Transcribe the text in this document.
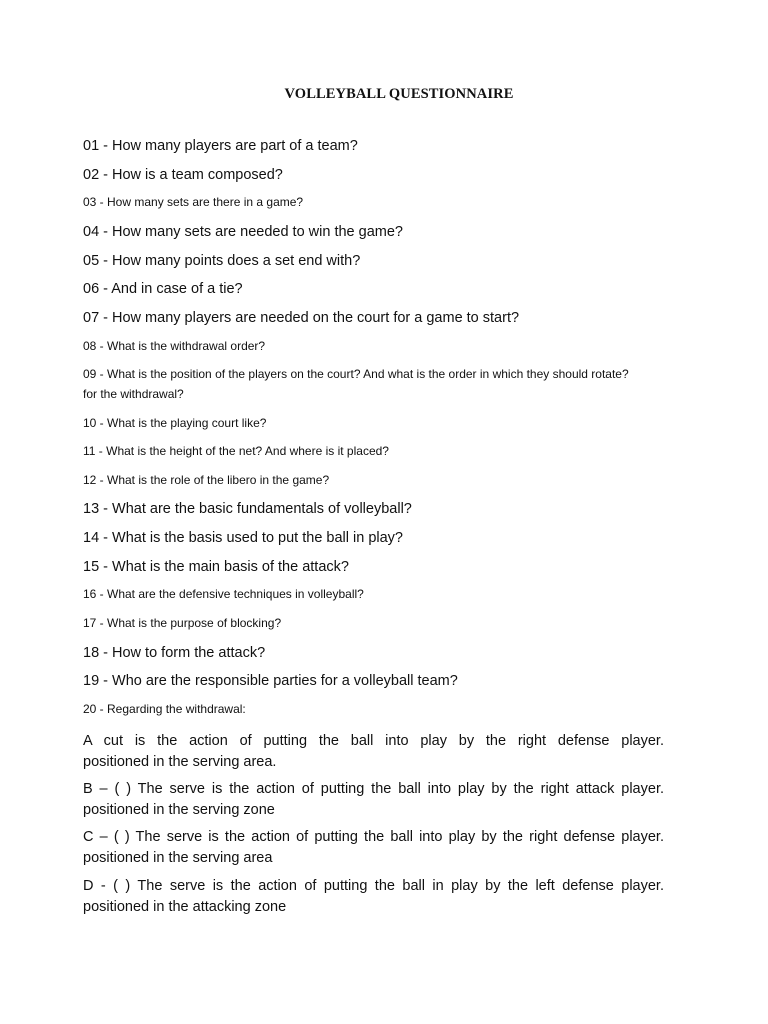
VOLLEYBALL QUESTIONNAIRE
01 - How many players are part of a team?
02 - How is a team composed?
03 - How many sets are there in a game?
04 - How many sets are needed to win the game?
05 - How many points does a set end with?
06 - And in case of a tie?
07 - How many players are needed on the court for a game to start?
08 - What is the withdrawal order?
09 - What is the position of the players on the court? And what is the order in which they should rotate?
for the withdrawal?
10 - What is the playing court like?
11 - What is the height of the net? And where is it placed?
12 - What is the role of the libero in the game?
13 - What are the basic fundamentals of volleyball?
14 - What is the basis used to put the ball in play?
15 - What is the main basis of the attack?
16 - What are the defensive techniques in volleyball?
17 - What is the purpose of blocking?
18 - How to form the attack?
19 - Who are the responsible parties for a volleyball team?
20 - Regarding the withdrawal:
A cut is the action of putting the ball into play by the right defense player.
positioned in the serving area.
B – ( ) The serve is the action of putting the ball into play by the right attack player.
positioned in the serving zone
C – ( ) The serve is the action of putting the ball into play by the right defense player.
positioned in the serving area
D - ( ) The serve is the action of putting the ball in play by the left defense player.
positioned in the attacking zone
